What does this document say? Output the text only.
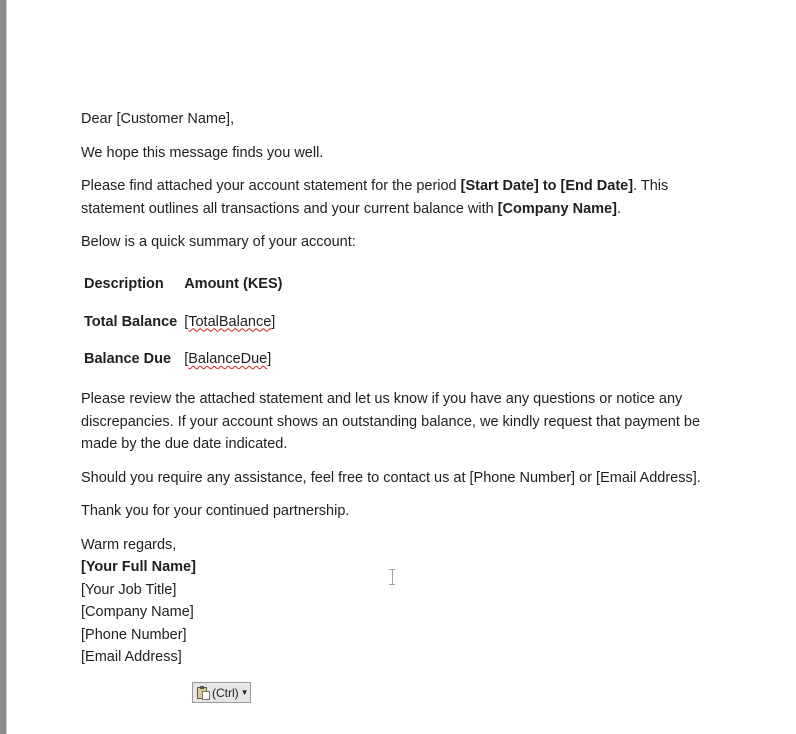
Dear [Customer Name],

We hope this message finds you well.

Please find attached your account statement for the period [Start Date] to [End Date]. This statement outlines all transactions and your current balance with [Company Name].

Below is a quick summary of your account:

Description	Amount (KES)
Total Balance	[TotalBalance]
Balance Due	[BalanceDue]

Please review the attached statement and let us know if you have any questions or notice any discrepancies. If your account shows an outstanding balance, we kindly request that payment be made by the due date indicated.

Should you require any assistance, feel free to contact us at [Phone Number] or [Email Address].

Thank you for your continued partnership.

Warm regards,

[Your Full Name]

[Your Job Title]

[Company Name]

[Phone Number]

[Email Address]

(Ctrl) ▼
